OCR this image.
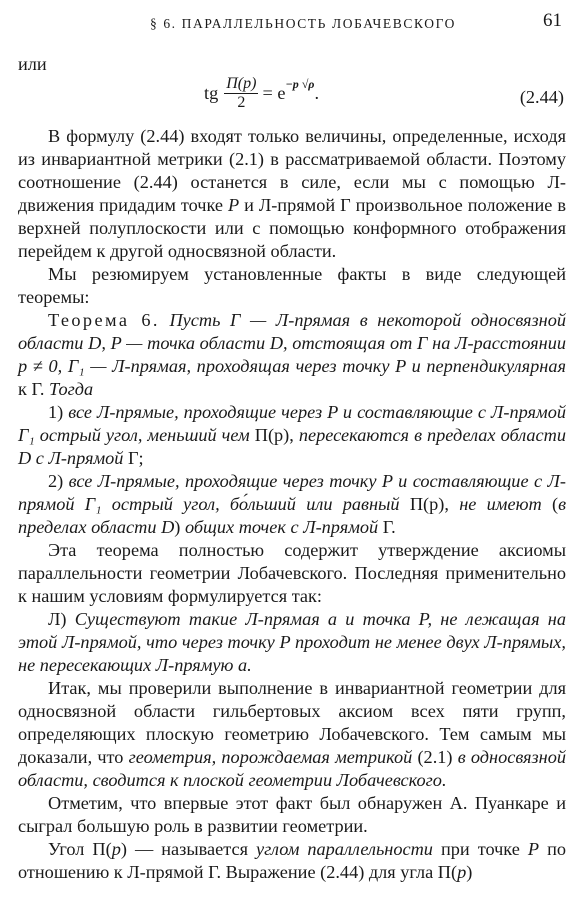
§ 6. ПАРАЛЛЕЛЬНОСТЬ ЛОБАЧЕВСКОГО	61
или
tg $\frac{\Pi(p)}{2} = e -p$ √ρ .	(2.44)

В формулу (2.44) входят только величины, определенные, исходя из инвариантной метрики (2.1) в рассматриваемой области. Поэтому соотношение (2.44) останется в силе, если мы с помощью Л-движения придадим точке P и Л-прямой Γ произвольное положение в верхней полуплоскости или с помощью конформного отображения перейдем к другой односвязной области.

Мы резюмируем установленные факты в виде следующей теоремы:

Теорема 6. Пусть Γ — Л-прямая в некоторой односвязной области D, P — точка области D, отстоящая от Γ на Л-расстоянии p ≠ 0, Γ₁ — Л-прямая, проходящая через точку P и перпендикулярная к Γ. Тогда

1) все Л-прямые, проходящие через P и составляющие с Л-прямой Γ₁ острый угол, меньший чем Π(p), пересекаются в пределах области D с Л-прямой Γ;

2) все Л-прямые, проходящие через точку P и составляющие с Л-прямой Γ₁ острый угол, бо́льший или равный Π(p), не имеют (в пределах области D) общих точек с Л-прямой Γ.

Эта теорема полностью содержит утверждение аксиомы параллельности геометрии Лобачевского. Последняя применительно к нашим условиям формулируется так:

Л) Существуют такие Л-прямая a и точка P, не лежащая на этой Л-прямой, что через точку P проходит не менее двух Л-прямых, не пересекающих Л-прямую a.

Итак, мы проверили выполнение в инвариантной геометрии для односвязной области гильбертовых аксиом всех пяти групп, определяющих плоскую геометрию Лобачевского. Тем самым мы доказали, что геометрия, порождаемая метрикой (2.1) в односвязной области, сводится к плоской геометрии Лобачевского.

Отметим, что впервые этот факт был обнаружен А. Пуанкаре и сыграл большую роль в развитии геометрии.

Угол Π(p) — называется углом параллельности при точке P по отношению к Л-прямой Γ. Выражение (2.44) для угла Π(p)
